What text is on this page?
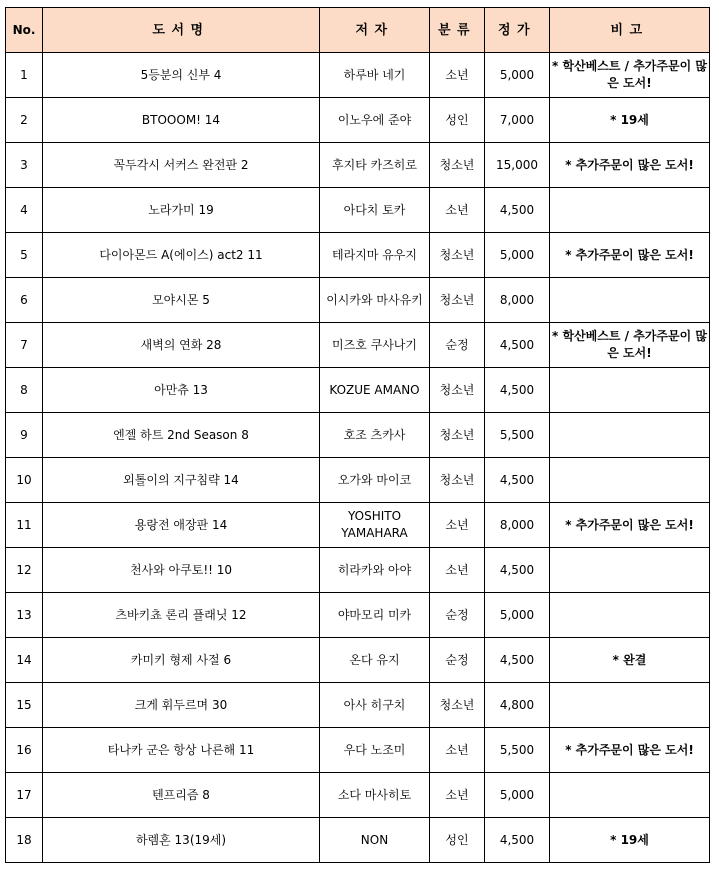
No.	도서명	저자	분류	정가	비고
1	5등분의 신부 4	하루바 네기	소년	5,000	* 학산베스트 / 추가주문이 많은 도서!
2	BTOOOM! 14	이노우에 준야	성인	7,000	* 19세
3	꼭두각시 서커스 완전판 2	후지타 카즈히로	청소년	15,000	* 추가주문이 많은 도서!
4	노라가미 19	아다치 토카	소년	4,500	
5	다이아몬드 A(에이스) act2 11	테라지마 유우지	청소년	5,000	* 추가주문이 많은 도서!
6	모야시몬 5	이시카와 마사유키	청소년	8,000	
7	새벽의 연화 28	미즈호 쿠사나기	순정	4,500	* 학산베스트 / 추가주문이 많은 도서!
8	아만츄 13	KOZUE AMANO	청소년	4,500	
9	엔젤 하트 2nd Season 8	호조 츠카사	청소년	5,500	
10	외톨이의 지구침략 14	오가와 마이코	청소년	4,500	
11	용랑전 애장판 14	YOSHITO YAMAHARA	소년	8,000	* 추가주문이 많은 도서!
12	천사와 아쿠토!! 10	히라카와 아야	소년	4,500	
13	츠바키쵸 론리 플래닛 12	야마모리 미카	순정	5,000	
14	카미키 형제 사절 6	온다 유지	순정	4,500	* 완결
15	크게 휘두르며 30	아사 히구치	청소년	4,800	
16	타나카 군은 항상 나른해 11	우다 노조미	소년	5,500	* 추가주문이 많은 도서!
17	텐프리즘 8	소다 마사히토	소년	5,000	
18	하렘혼 13(19세)	NON	성인	4,500	* 19세
